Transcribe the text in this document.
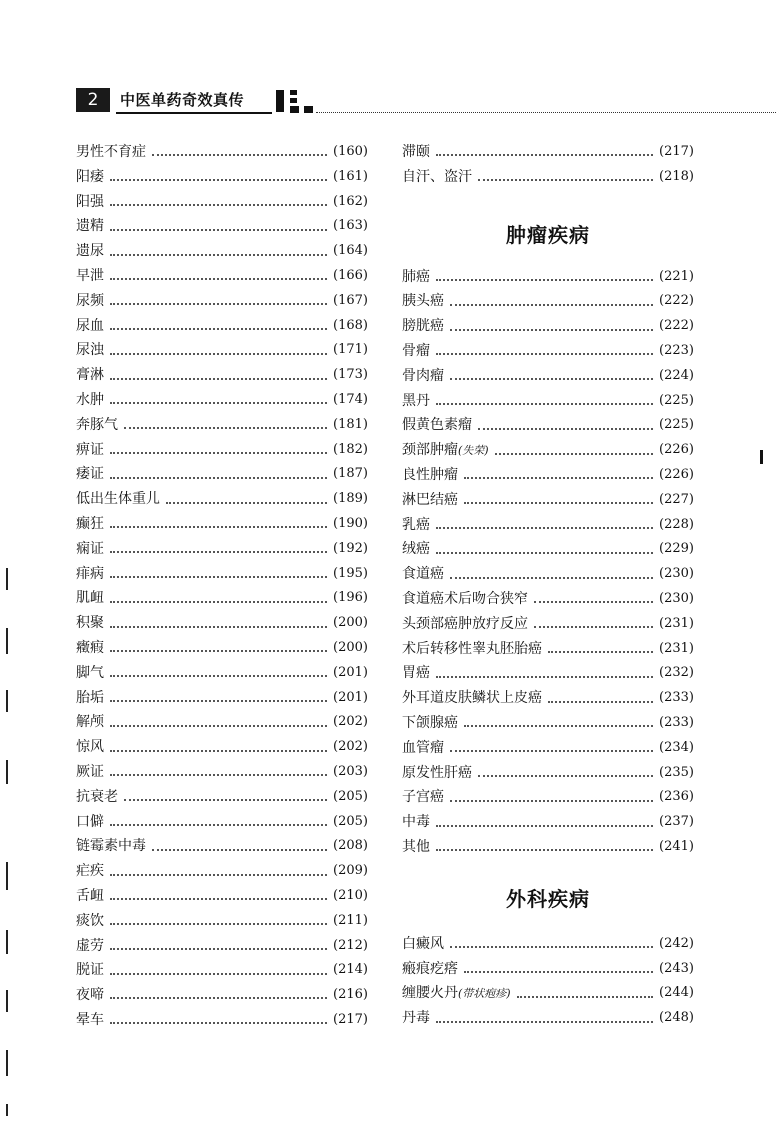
2	中医单药奇效真传
男性不育症	(160)
阳痿	(161)
阳强	(162)
遗精	(163)
遗尿	(164)
早泄	(166)
尿频	(167)
尿血	(168)
尿浊	(171)
膏淋	(173)
水肿	(174)
奔豚气	(181)
痹证	(182)
痿证	(187)
低出生体重儿	(189)
癫狂	(190)
痫证	(192)
痱病	(195)
肌衄	(196)
积聚	(200)
癥瘕	(200)
脚气	(201)
胎垢	(201)
解颅	(202)
惊风	(202)
厥证	(203)
抗衰老	(205)
口僻	(205)
链霉素中毒	(208)
疟疾	(209)
舌衄	(210)
痰饮	(211)
虚劳	(212)
脱证	(214)
夜啼	(216)
晕车	(217)
滞颐	(217)
自汗、盗汗	(218)
肿瘤疾病
肺癌	(221)
胰头癌	(222)
膀胱癌	(222)
骨瘤	(223)
骨肉瘤	(224)
黑丹	(225)
假黄色素瘤	(225)
颈部肿瘤(失荣)	(226)
良性肿瘤	(226)
淋巴结癌	(227)
乳癌	(228)
绒癌	(229)
食道癌	(230)
食道癌术后吻合狭窄	(230)
头颈部癌肿放疗反应	(231)
术后转移性睾丸胚胎癌	(231)
胃癌	(232)
外耳道皮肤鳞状上皮癌	(233)
下颌腺癌	(233)
血管瘤	(234)
原发性肝癌	(235)
子宫癌	(236)
中毒	(237)
其他	(241)
外科疾病
白癜风	(242)
瘢痕疙瘩	(243)
缠腰火丹(带状疱疹)	(244)
丹毒	(248)
